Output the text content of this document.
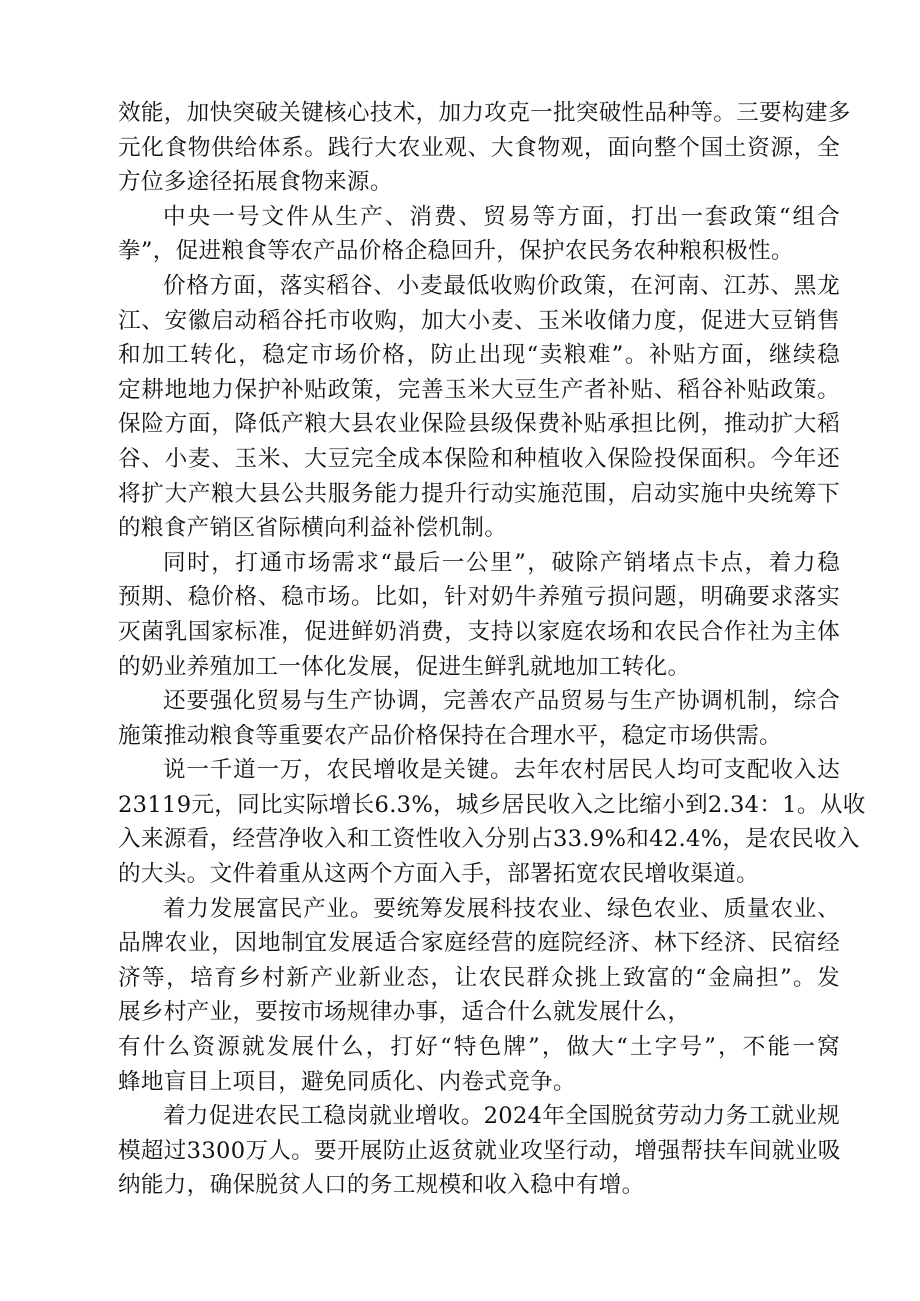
效能，加快突破关键核心技术，加力攻克一批突破性品种等。三要构建多
元化食物供给体系。践行大农业观、大食物观，面向整个国土资源，全
方位多途径拓展食物来源。
中央一号文件从生产、消费、贸易等方面，打出一套政策“组合
拳”，促进粮食等农产品价格企稳回升，保护农民务农种粮积极性。
价格方面，落实稻谷、小麦最低收购价政策，在河南、江苏、黑龙
江、安徽启动稻谷托市收购，加大小麦、玉米收储力度，促进大豆销售
和加工转化，稳定市场价格，防止出现“卖粮难”。补贴方面，继续稳
定耕地地力保护补贴政策，完善玉米大豆生产者补贴、稻谷补贴政策。
保险方面，降低产粮大县农业保险县级保费补贴承担比例，推动扩大稻
谷、小麦、玉米、大豆完全成本保险和种植收入保险投保面积。今年还
将扩大产粮大县公共服务能力提升行动实施范围，启动实施中央统筹下
的粮食产销区省际横向利益补偿机制。
同时，打通市场需求“最后一公里”，破除产销堵点卡点，着力稳
预期、稳价格、稳市场。比如，针对奶牛养殖亏损问题，明确要求落实
灭菌乳国家标准，促进鲜奶消费，支持以家庭农场和农民合作社为主体
的奶业养殖加工一体化发展，促进生鲜乳就地加工转化。
还要强化贸易与生产协调，完善农产品贸易与生产协调机制，综合
施策推动粮食等重要农产品价格保持在合理水平，稳定市场供需。
说一千道一万，农民增收是关键。去年农村居民人均可支配收入达
23119元，同比实际增长6.3%，城乡居民收入之比缩小到2.34：1。从收
入来源看，经营净收入和工资性收入分别占33.9%和42.4%，是农民收入
的大头。文件着重从这两个方面入手，部署拓宽农民增收渠道。
着力发展富民产业。要统筹发展科技农业、绿色农业、质量农业、
品牌农业，因地制宜发展适合家庭经营的庭院经济、林下经济、民宿经
济等，培育乡村新产业新业态，让农民群众挑上致富的“金扁担”。发
展乡村产业，要按市场规律办事，适合什么就发展什么，
有什么资源就发展什么，打好“特色牌”，做大“土字号”，不能一窝
蜂地盲目上项目，避免同质化、内卷式竞争。
着力促进农民工稳岗就业增收。2024年全国脱贫劳动力务工就业规
模超过3300万人。要开展防止返贫就业攻坚行动，增强帮扶车间就业吸
纳能力，确保脱贫人口的务工规模和收入稳中有增。
